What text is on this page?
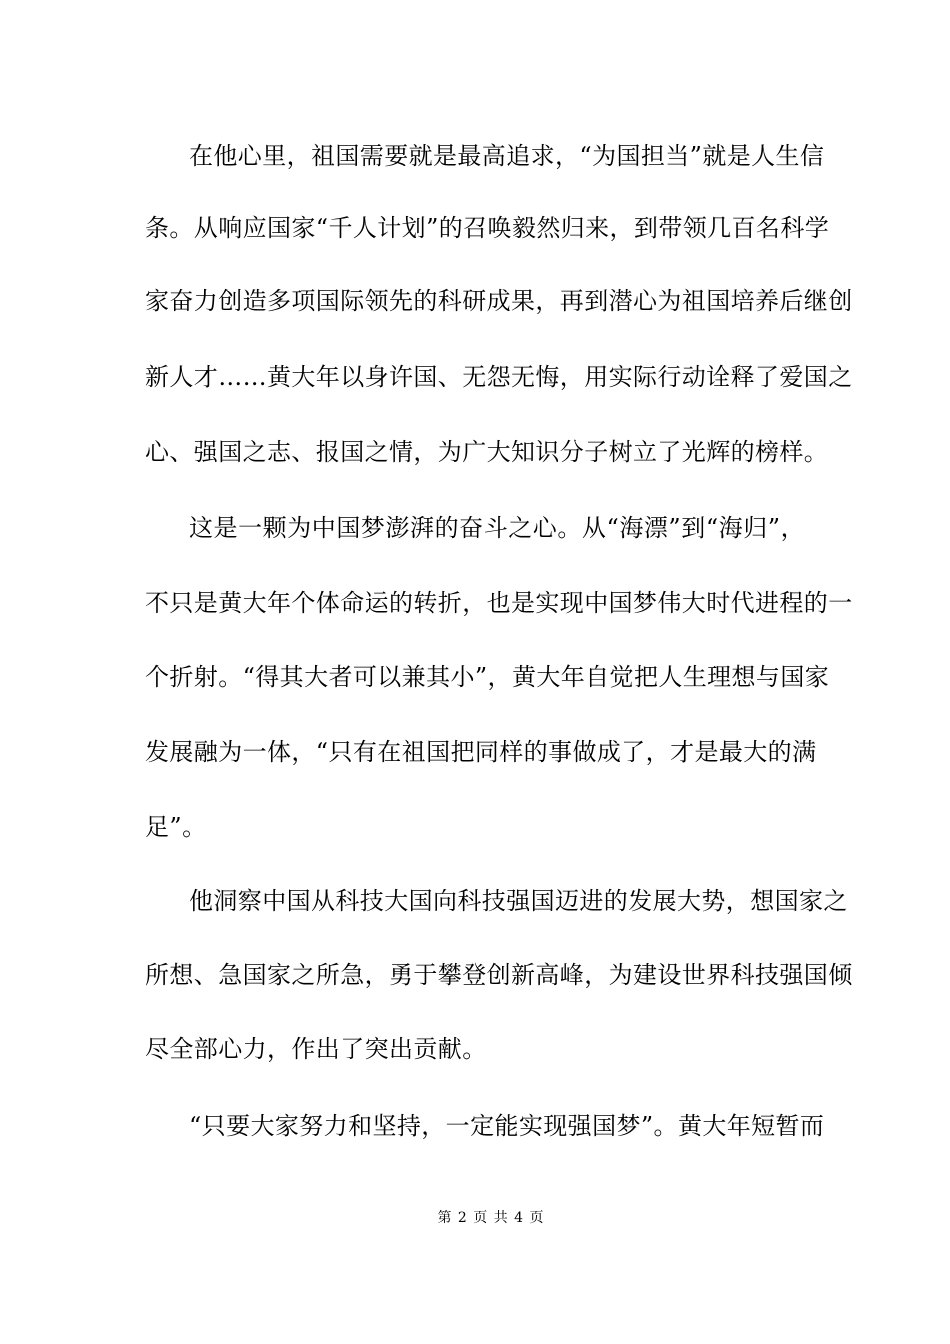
在他心里，祖国需要就是最高追求，“为国担当”就是人生信
条。从响应国家“千人计划”的召唤毅然归来，到带领几百名科学
家奋力创造多项国际领先的科研成果，再到潜心为祖国培养后继创
新人才……黄大年以身许国、无怨无悔，用实际行动诠释了爱国之
心、强国之志、报国之情，为广大知识分子树立了光辉的榜样。
这是一颗为中国梦澎湃的奋斗之心。从“海漂”到“海归”，
不只是黄大年个体命运的转折，也是实现中国梦伟大时代进程的一
个折射。“得其大者可以兼其小”，黄大年自觉把人生理想与国家
发展融为一体，“只有在祖国把同样的事做成了，才是最大的满
足”。
他洞察中国从科技大国向科技强国迈进的发展大势，想国家之
所想、急国家之所急，勇于攀登创新高峰，为建设世界科技强国倾
尽全部心力，作出了突出贡献。
“只要大家努力和坚持，一定能实现强国梦”。黄大年短暂而
第 2 页 共 4 页
